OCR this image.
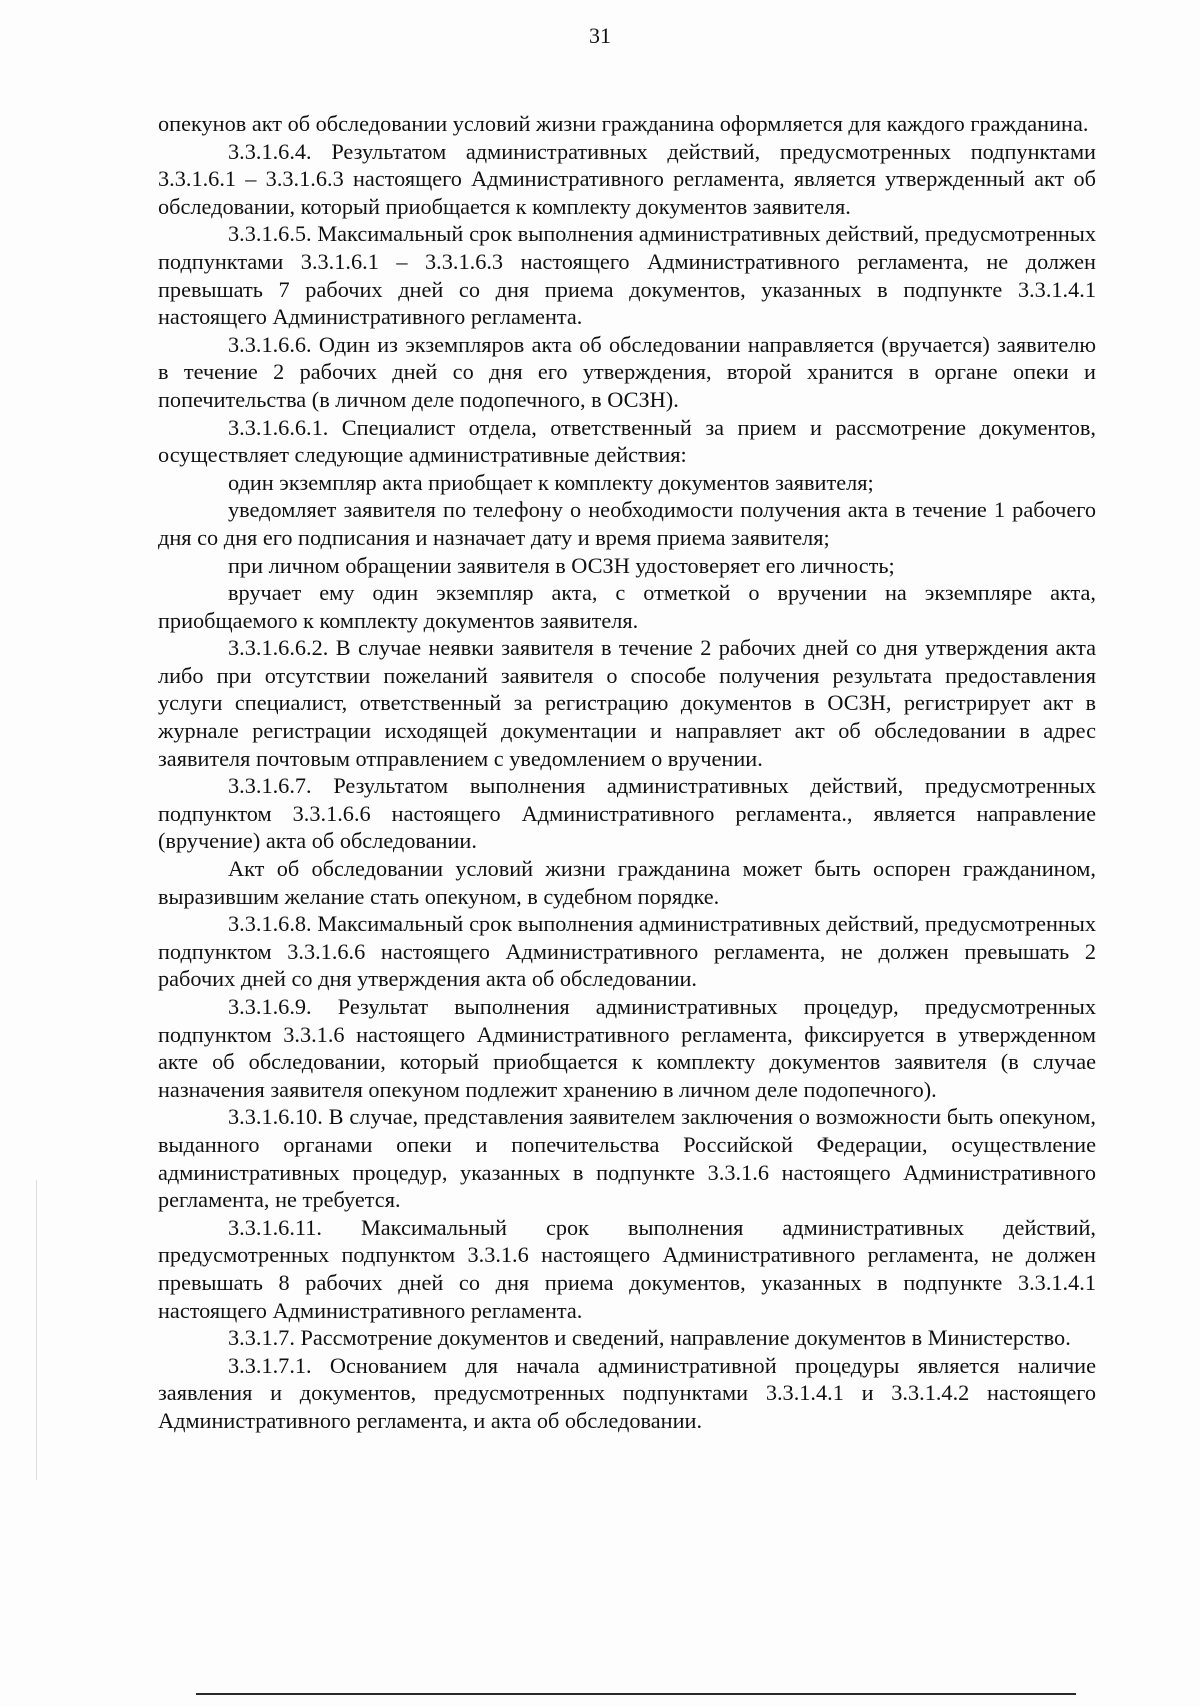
31

опекунов акт об обследовании условий жизни гражданина оформляется для каждого гражданина.

3.3.1.6.4. Результатом административных действий, предусмотренных подпунктами 3.3.1.6.1 – 3.3.1.6.3 настоящего Административного регламента, является утвержденный акт об обследовании, который приобщается к комплекту документов заявителя.

3.3.1.6.5. Максимальный срок выполнения административных действий, предусмотренных подпунктами 3.3.1.6.1 – 3.3.1.6.3 настоящего Административного регламента, не должен превышать 7 рабочих дней со дня приема документов, указанных в подпункте 3.3.1.4.1 настоящего Административного регламента.

3.3.1.6.6. Один из экземпляров акта об обследовании направляется (вручается) заявителю в течение 2 рабочих дней со дня его утверждения, второй хранится в органе опеки и попечительства (в личном деле подопечного, в ОСЗН).

3.3.1.6.6.1. Специалист отдела, ответственный за прием и рассмотрение документов, осуществляет следующие административные действия:

один экземпляр акта приобщает к комплекту документов заявителя;

уведомляет заявителя по телефону о необходимости получения акта в течение 1 рабочего дня со дня его подписания и назначает дату и время приема заявителя;

при личном обращении заявителя в ОСЗН удостоверяет его личность;

вручает ему один экземпляр акта, с отметкой о вручении на экземпляре акта, приобщаемого к комплекту документов заявителя.

3.3.1.6.6.2. В случае неявки заявителя в течение 2 рабочих дней со дня утверждения акта либо при отсутствии пожеланий заявителя о способе получения результата предоставления услуги специалист, ответственный за регистрацию документов в ОСЗН, регистрирует акт в журнале регистрации исходящей документации и направляет акт об обследовании в адрес заявителя почтовым отправлением с уведомлением о вручении.

3.3.1.6.7. Результатом выполнения административных действий, предусмотренных подпунктом 3.3.1.6.6 настоящего Административного регламента., является направление (вручение) акта об обследовании.

Акт об обследовании условий жизни гражданина может быть оспорен гражданином, выразившим желание стать опекуном, в судебном порядке.

3.3.1.6.8. Максимальный срок выполнения административных действий, предусмотренных подпунктом 3.3.1.6.6 настоящего Административного регламента, не должен превышать 2 рабочих дней со дня утверждения акта об обследовании.

3.3.1.6.9. Результат выполнения административных процедур, предусмотренных подпунктом 3.3.1.6 настоящего Административного регламента, фиксируется в утвержденном акте об обследовании, который приобщается к комплекту документов заявителя (в случае назначения заявителя опекуном подлежит хранению в личном деле подопечного).

3.3.1.6.10. В случае, представления заявителем заключения о возможности быть опекуном, выданного органами опеки и попечительства Российской Федерации, осуществление административных процедур, указанных в подпункте 3.3.1.6 настоящего Административного регламента, не требуется.

3.3.1.6.11. Максимальный срок выполнения административных действий, предусмотренных подпунктом 3.3.1.6 настоящего Административного регламента, не должен превышать 8 рабочих дней со дня приема документов, указанных в подпункте 3.3.1.4.1 настоящего Административного регламента.

3.3.1.7. Рассмотрение документов и сведений, направление документов в Министерство.

3.3.1.7.1. Основанием для начала административной процедуры является наличие заявления и документов, предусмотренных подпунктами 3.3.1.4.1 и 3.3.1.4.2 настоящего Административного регламента, и акта об обследовании.
